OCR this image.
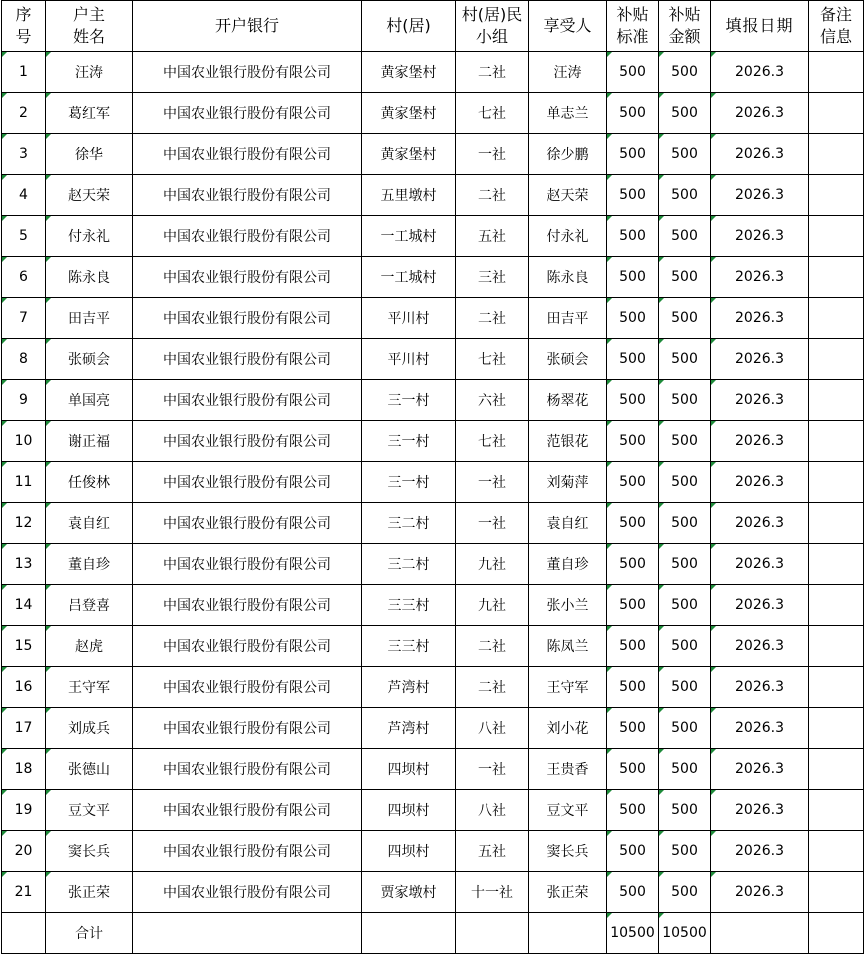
序号	户主姓名	开户银行	村(居)	村(居)民小组	享受人	补贴标准	补贴金额	填报日期	备注信息
1	汪涛	中国农业银行股份有限公司	黄家堡村	二社	汪涛	500	500	2026.3	
2	葛红军	中国农业银行股份有限公司	黄家堡村	七社	单志兰	500	500	2026.3	
3	徐华	中国农业银行股份有限公司	黄家堡村	一社	徐少鹏	500	500	2026.3	
4	赵天荣	中国农业银行股份有限公司	五里墩村	二社	赵天荣	500	500	2026.3	
5	付永礼	中国农业银行股份有限公司	一工城村	五社	付永礼	500	500	2026.3	
6	陈永良	中国农业银行股份有限公司	一工城村	三社	陈永良	500	500	2026.3	
7	田吉平	中国农业银行股份有限公司	平川村	二社	田吉平	500	500	2026.3	
8	张硕会	中国农业银行股份有限公司	平川村	七社	张硕会	500	500	2026.3	
9	单国亮	中国农业银行股份有限公司	三一村	六社	杨翠花	500	500	2026.3	
10	谢正福	中国农业银行股份有限公司	三一村	七社	范银花	500	500	2026.3	
11	任俊林	中国农业银行股份有限公司	三一村	一社	刘菊萍	500	500	2026.3	
12	袁自红	中国农业银行股份有限公司	三二村	一社	袁自红	500	500	2026.3	
13	董自珍	中国农业银行股份有限公司	三二村	九社	董自珍	500	500	2026.3	
14	吕登喜	中国农业银行股份有限公司	三三村	九社	张小兰	500	500	2026.3	
15	赵虎	中国农业银行股份有限公司	三三村	二社	陈凤兰	500	500	2026.3	
16	王守军	中国农业银行股份有限公司	芦湾村	二社	王守军	500	500	2026.3	
17	刘成兵	中国农业银行股份有限公司	芦湾村	八社	刘小花	500	500	2026.3	
18	张德山	中国农业银行股份有限公司	四坝村	一社	王贵香	500	500	2026.3	
19	豆文平	中国农业银行股份有限公司	四坝村	八社	豆文平	500	500	2026.3	
20	窦长兵	中国农业银行股份有限公司	四坝村	五社	窦长兵	500	500	2026.3	
21	张正荣	中国农业银行股份有限公司	贾家墩村	十一社	张正荣	500	500	2026.3	
	合计					10500	10500		
